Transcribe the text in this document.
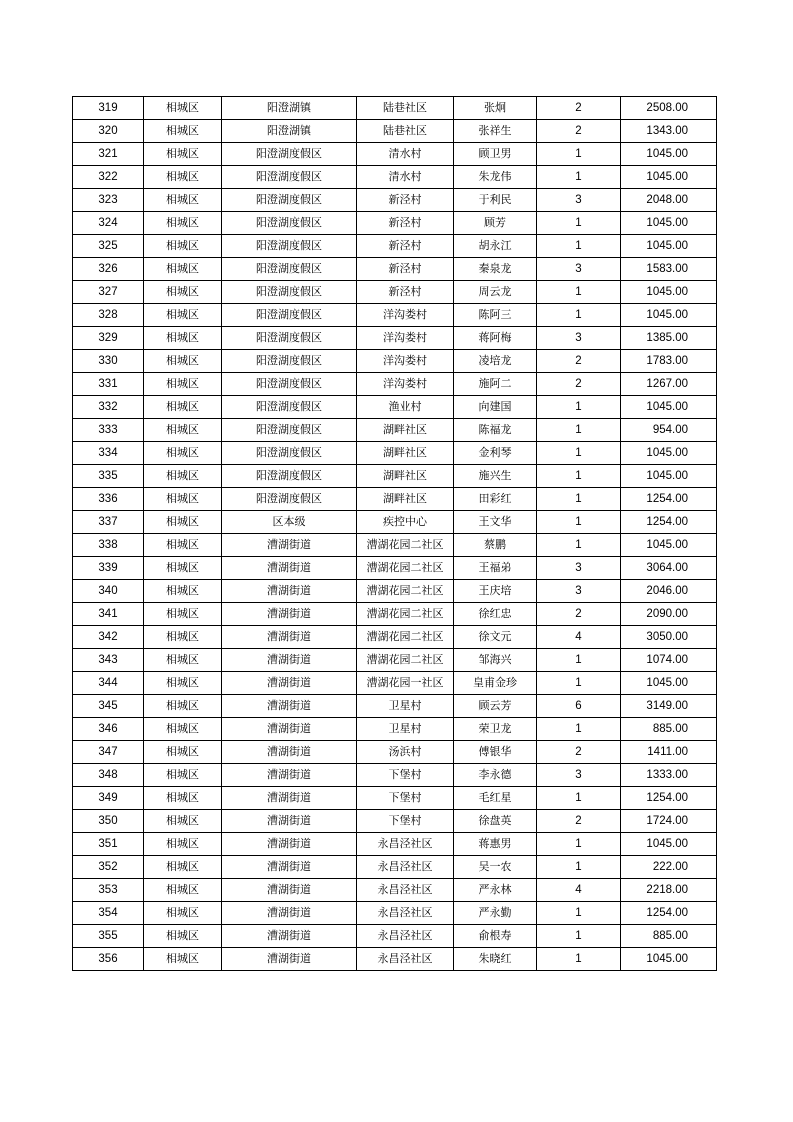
319	相城区	阳澄湖镇	陆巷社区	张炯	2	2508.00
320	相城区	阳澄湖镇	陆巷社区	张祥生	2	1343.00
321	相城区	阳澄湖度假区	清水村	顾卫男	1	1045.00
322	相城区	阳澄湖度假区	清水村	朱龙伟	1	1045.00
323	相城区	阳澄湖度假区	新泾村	于利民	3	2048.00
324	相城区	阳澄湖度假区	新泾村	顾芳	1	1045.00
325	相城区	阳澄湖度假区	新泾村	胡永江	1	1045.00
326	相城区	阳澄湖度假区	新泾村	秦泉龙	3	1583.00
327	相城区	阳澄湖度假区	新泾村	周云龙	1	1045.00
328	相城区	阳澄湖度假区	洋沟娄村	陈阿三	1	1045.00
329	相城区	阳澄湖度假区	洋沟娄村	蒋阿梅	3	1385.00
330	相城区	阳澄湖度假区	洋沟娄村	凌培龙	2	1783.00
331	相城区	阳澄湖度假区	洋沟娄村	施阿二	2	1267.00
332	相城区	阳澄湖度假区	渔业村	向建国	1	1045.00
333	相城区	阳澄湖度假区	湖畔社区	陈福龙	1	954.00
334	相城区	阳澄湖度假区	湖畔社区	金利琴	1	1045.00
335	相城区	阳澄湖度假区	湖畔社区	施兴生	1	1045.00
336	相城区	阳澄湖度假区	湖畔社区	田彩红	1	1254.00
337	相城区	区本级	疾控中心	王文华	1	1254.00
338	相城区	漕湖街道	漕湖花园二社区	蔡鹏	1	1045.00
339	相城区	漕湖街道	漕湖花园二社区	王福弟	3	3064.00
340	相城区	漕湖街道	漕湖花园二社区	王庆培	3	2046.00
341	相城区	漕湖街道	漕湖花园二社区	徐红忠	2	2090.00
342	相城区	漕湖街道	漕湖花园二社区	徐文元	4	3050.00
343	相城区	漕湖街道	漕湖花园二社区	邹海兴	1	1074.00
344	相城区	漕湖街道	漕湖花园一社区	皇甫金珍	1	1045.00
345	相城区	漕湖街道	卫星村	顾云芳	6	3149.00
346	相城区	漕湖街道	卫星村	荣卫龙	1	885.00
347	相城区	漕湖街道	汤浜村	傅银华	2	1411.00
348	相城区	漕湖街道	下堡村	李永德	3	1333.00
349	相城区	漕湖街道	下堡村	毛红星	1	1254.00
350	相城区	漕湖街道	下堡村	徐盘英	2	1724.00
351	相城区	漕湖街道	永昌泾社区	蒋惠男	1	1045.00
352	相城区	漕湖街道	永昌泾社区	吴一农	1	222.00
353	相城区	漕湖街道	永昌泾社区	严永林	4	2218.00
354	相城区	漕湖街道	永昌泾社区	严永勤	1	1254.00
355	相城区	漕湖街道	永昌泾社区	俞根寿	1	885.00
356	相城区	漕湖街道	永昌泾社区	朱晓红	1	1045.00
